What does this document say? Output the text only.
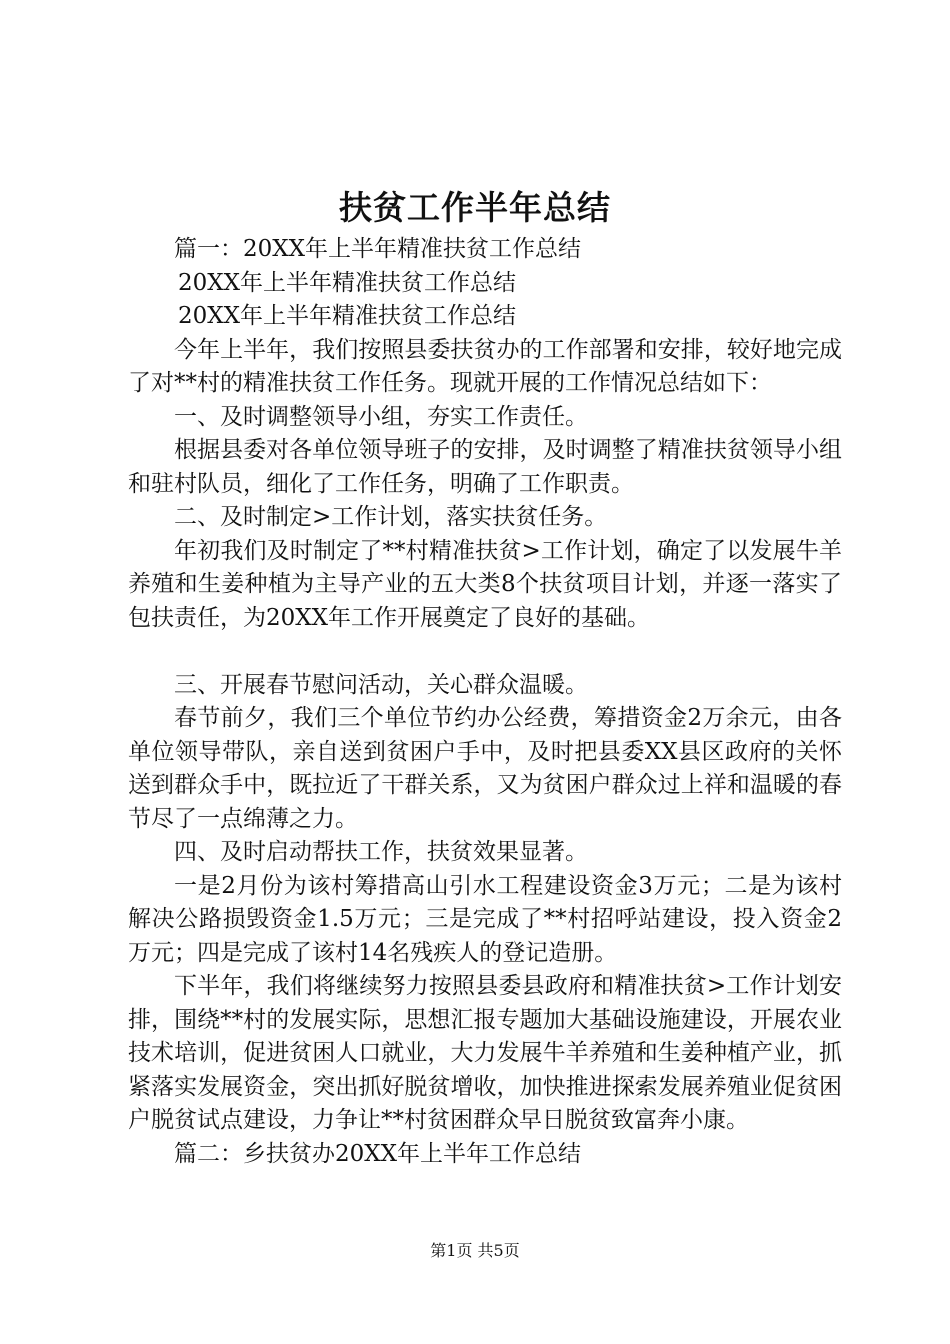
扶贫工作半年总结

篇一：20XX年上半年精准扶贫工作总结

20XX年上半年精准扶贫工作总结

20XX年上半年精准扶贫工作总结

今年上半年，我们按照县委扶贫办的工作部署和安排，较好地完成了对**村的精准扶贫工作任务。现就开展的工作情况总结如下：

一、及时调整领导小组，夯实工作责任。

根据县委对各单位领导班子的安排，及时调整了精准扶贫领导小组和驻村队员，细化了工作任务，明确了工作职责。

二、及时制定>工作计划，落实扶贫任务。

年初我们及时制定了**村精准扶贫>工作计划，确定了以发展牛羊养殖和生姜种植为主导产业的五大类8个扶贫项目计划，并逐一落实了包扶责任，为20XX年工作开展奠定了良好的基础。

三、开展春节慰问活动，关心群众温暖。

春节前夕，我们三个单位节约办公经费，筹措资金2万余元，由各单位领导带队，亲自送到贫困户手中，及时把县委XX县区政府的关怀送到群众手中，既拉近了干群关系，又为贫困户群众过上祥和温暖的春节尽了一点绵薄之力。

四、及时启动帮扶工作，扶贫效果显著。

一是2月份为该村筹措高山引水工程建设资金3万元；二是为该村解决公路损毁资金1.5万元；三是完成了**村招呼站建设，投入资金2万元；四是完成了该村14名残疾人的登记造册。

下半年，我们将继续努力按照县委县政府和精准扶贫>工作计划安排，围绕**村的发展实际，思想汇报专题加大基础设施建设，开展农业技术培训，促进贫困人口就业，大力发展牛羊养殖和生姜种植产业，抓紧落实发展资金，突出抓好脱贫增收，加快推进探索发展养殖业促贫困户脱贫试点建设，力争让**村贫困群众早日脱贫致富奔小康。

篇二：乡扶贫办20XX年上半年工作总结

第1页 共5页
